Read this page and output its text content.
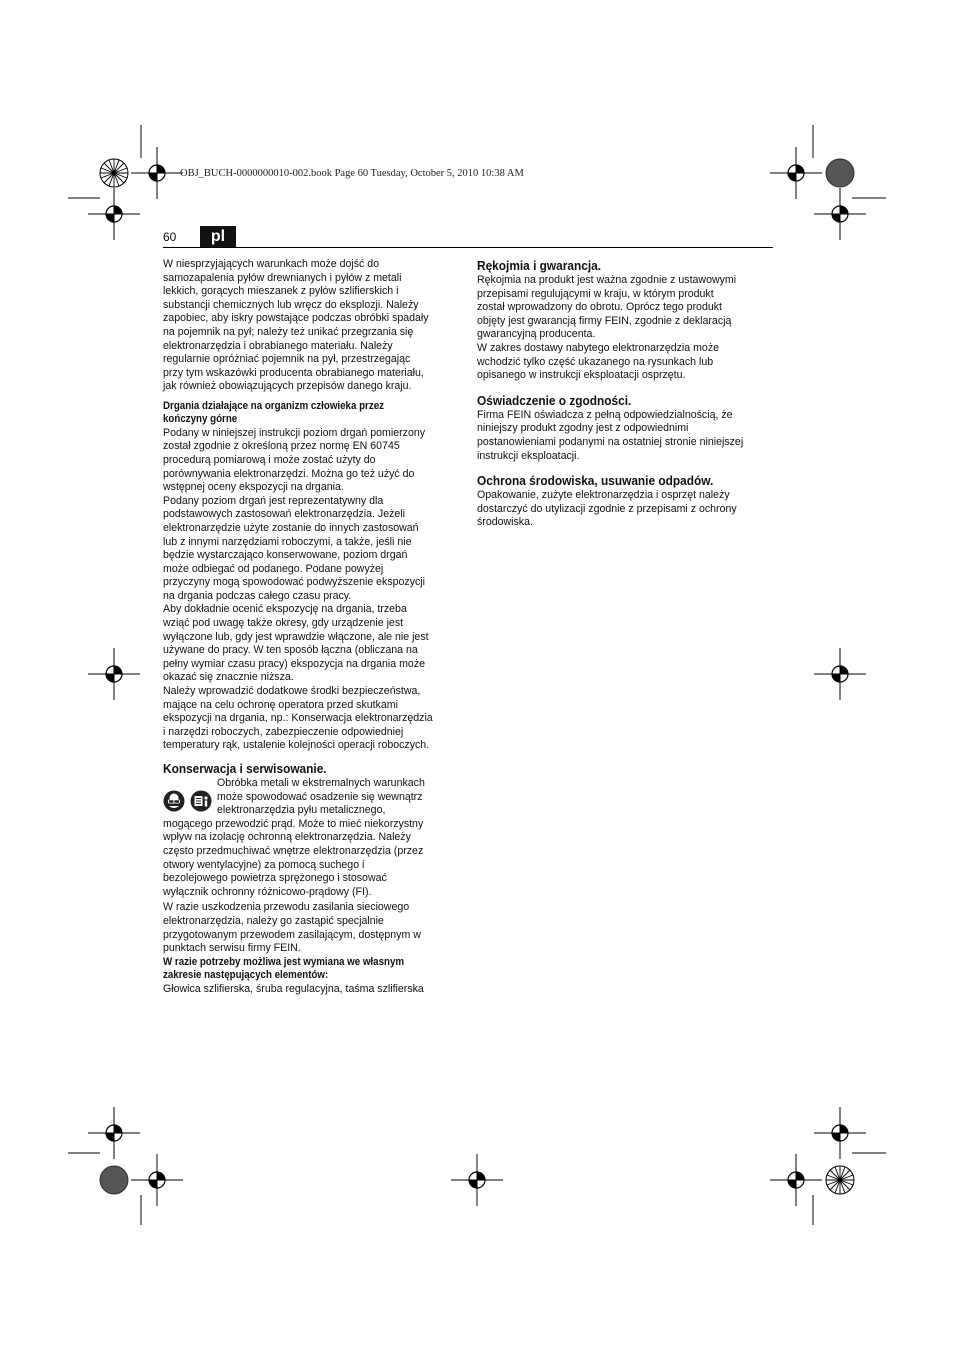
OBJ_BUCH-0000000010-002.book Page 60 Tuesday, October 5, 2010 10:38 AM
60	pl

W niesprzyjających warunkach może dojść do
samozapalenia pyłów drewnianych i pyłów z metali
lekkich, gorących mieszanek z pyłów szlifierskich i
substancji chemicznych lub wręcz do eksplozji. Należy
zapobiec, aby iskry powstające podczas obróbki spadały
na pojemnik na pył; należy też unikać przegrzania się
elektronarzędzia i obrabianego materiału. Należy
regularnie opróżniać pojemnik na pył, przestrzegając
przy tym wskazówki producenta obrabianego materiału,
jak również obowiązujących przepisów danego kraju.

Drgania działające na organizm człowieka przez
kończyny górne

Podany w niniejszej instrukcji poziom drgań pomierzony
został zgodnie z określoną przez normę EN 60745
procedurą pomiarową i może zostać użyty do
porównywania elektronarzędzi. Można go też użyć do
wstępnej oceny ekspozycji na drgania.

Podany poziom drgań jest reprezentatywny dla
podstawowych zastosowań elektronarzędzia. Jeżeli
elektronarzędzie użyte zostanie do innych zastosowań
lub z innymi narzędziami roboczymi, a także, jeśli nie
będzie wystarczająco konserwowane, poziom drgań
może odbiegać od podanego. Podane powyżej
przyczyny mogą spowodować podwyższenie ekspozycji
na drgania podczas całego czasu pracy.

Aby dokładnie ocenić ekspozycję na drgania, trzeba
wziąć pod uwagę także okresy, gdy urządzenie jest
wyłączone lub, gdy jest wprawdzie włączone, ale nie jest
używane do pracy. W ten sposób łączna (obliczana na
pełny wymiar czasu pracy) ekspozycja na drgania może
okazać się znacznie niższa.

Należy wprowadzić dodatkowe środki bezpieczeństwa,
mające na celu ochronę operatora przed skutkami
ekspozycji na drgania, np.: Konserwacja elektronarzędzia
i narzędzi roboczych, zabezpieczenie odpowiedniej
temperatury rąk, ustalenie kolejności operacji roboczych.

Konserwacja i serwisowanie.

Obróbka metali w ekstremalnych warunkach
może spowodować osadzenie się wewnątrz
elektronarzędzia pyłu metalicznego,

mogącego przewodzić prąd. Może to mieć niekorzystny
wpływ na izolację ochronną elektronarzędzia. Należy
często przedmuchiwać wnętrze elektronarzędzia (przez
otwory wentylacyjne) za pomocą suchego i
bezolejowego powietrza sprężonego i stosować
wyłącznik ochronny różnicowo-prądowy (FI).

W razie uszkodzenia przewodu zasilania sieciowego
elektronarzędzia, należy go zastąpić specjalnie
przygotowanym przewodem zasilającym, dostępnym w
punktach serwisu firmy FEIN.

W razie potrzeby możliwa jest wymiana we własnym
zakresie następujących elementów:

Głowica szlifierska, śruba regulacyjna, taśma szlifierska

Rękojmia i gwarancja.

Rękojmia na produkt jest ważna zgodnie z ustawowymi
przepisami regulującymi w kraju, w którym produkt
został wprowadzony do obrotu. Oprócz tego produkt
objęty jest gwarancją firmy FEIN, zgodnie z deklaracją
gwarancyjną producenta.

W zakres dostawy nabytego elektronarzędzia może
wchodzić tylko część ukazanego na rysunkach lub
opisanego w instrukcji eksploatacji osprzętu.

Oświadczenie o zgodności.

Firma FEIN oświadcza z pełną odpowiedzialnością, że
niniejszy produkt zgodny jest z odpowiednimi
postanowieniami podanymi na ostatniej stronie niniejszej
instrukcji eksploatacji.

Ochrona środowiska, usuwanie odpadów.

Opakowanie, zużyte elektronarzędzia i osprzęt należy
dostarczyć do utylizacji zgodnie z przepisami z ochrony
środowiska.
